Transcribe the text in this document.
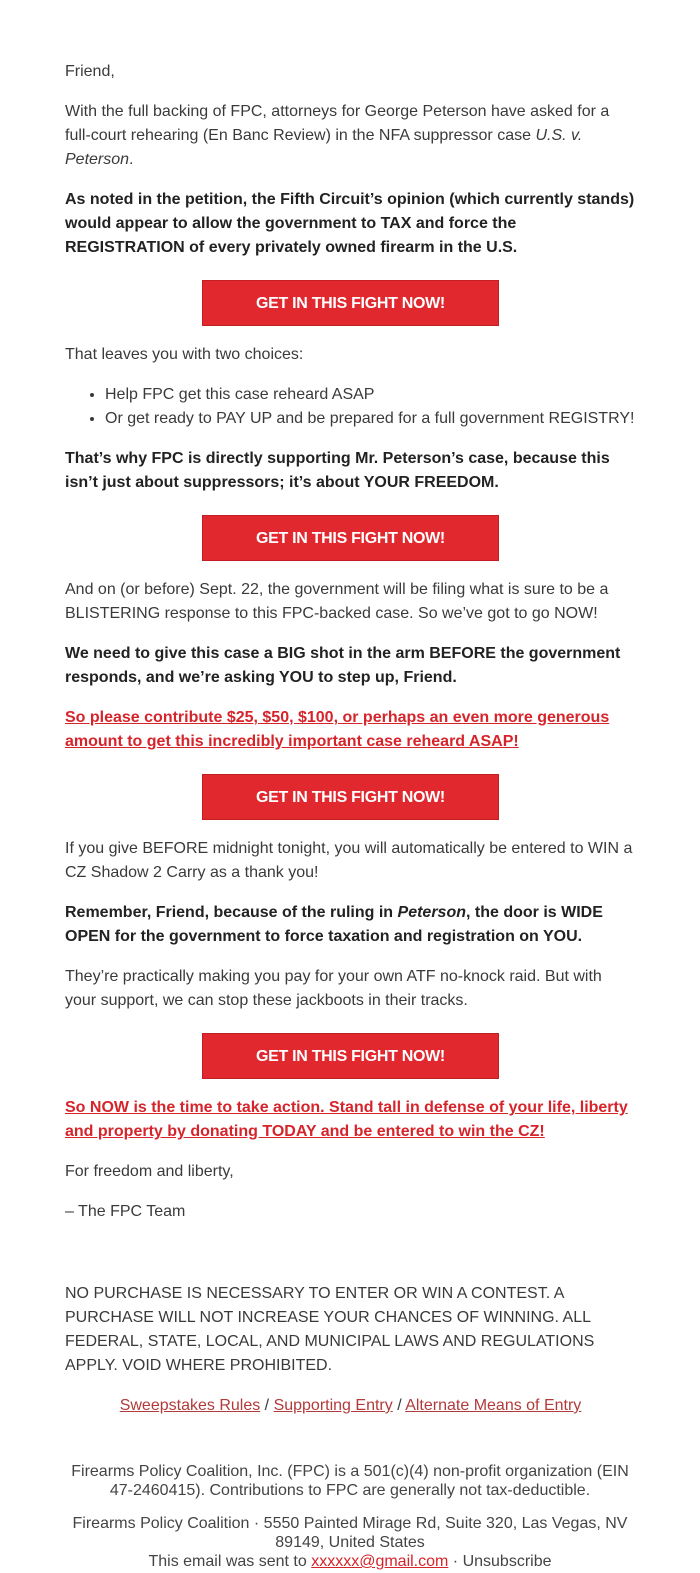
Friend,

With the full backing of FPC, attorneys for George Peterson have asked for a full-court rehearing (En Banc Review) in the NFA suppressor case U.S. v. Peterson.

As noted in the petition, the Fifth Circuit’s opinion (which currently stands) would appear to allow the government to TAX and force the REGISTRATION of every privately owned firearm in the U.S.

GET IN THIS FIGHT NOW!

That leaves you with two choices:

• Help FPC get this case reheard ASAP
• Or get ready to PAY UP and be prepared for a full government REGISTRY!

That’s why FPC is directly supporting Mr. Peterson’s case, because this isn’t just about suppressors; it’s about YOUR FREEDOM.

GET IN THIS FIGHT NOW!

And on (or before) Sept. 22, the government will be filing what is sure to be a BLISTERING response to this FPC-backed case. So we’ve got to go NOW!

We need to give this case a BIG shot in the arm BEFORE the government responds, and we’re asking YOU to step up, Friend.

So please contribute $25, $50, $100, or perhaps an even more generous amount to get this incredibly important case reheard ASAP!

GET IN THIS FIGHT NOW!

If you give BEFORE midnight tonight, you will automatically be entered to WIN a CZ Shadow 2 Carry as a thank you!

Remember, Friend, because of the ruling in Peterson, the door is WIDE OPEN for the government to force taxation and registration on YOU.

They’re practically making you pay for your own ATF no-knock raid. But with your support, we can stop these jackboots in their tracks.

GET IN THIS FIGHT NOW!

So NOW is the time to take action. Stand tall in defense of your life, liberty and property by donating TODAY and be entered to win the CZ!

For freedom and liberty,

– The FPC Team

NO PURCHASE IS NECESSARY TO ENTER OR WIN A CONTEST. A PURCHASE WILL NOT INCREASE YOUR CHANCES OF WINNING. ALL FEDERAL, STATE, LOCAL, AND MUNICIPAL LAWS AND REGULATIONS APPLY. VOID WHERE PROHIBITED.

Sweepstakes Rules / Supporting Entry / Alternate Means of Entry
Firearms Policy Coalition, Inc. (FPC) is a 501(c)(4) non-profit organization (EIN 47-2460415). Contributions to FPC are generally not tax-deductible.
Firearms Policy Coalition · 5550 Painted Mirage Rd, Suite 320, Las Vegas, NV 89149, United States
This email was sent to xxxxxx@gmail.com · Unsubscribe
